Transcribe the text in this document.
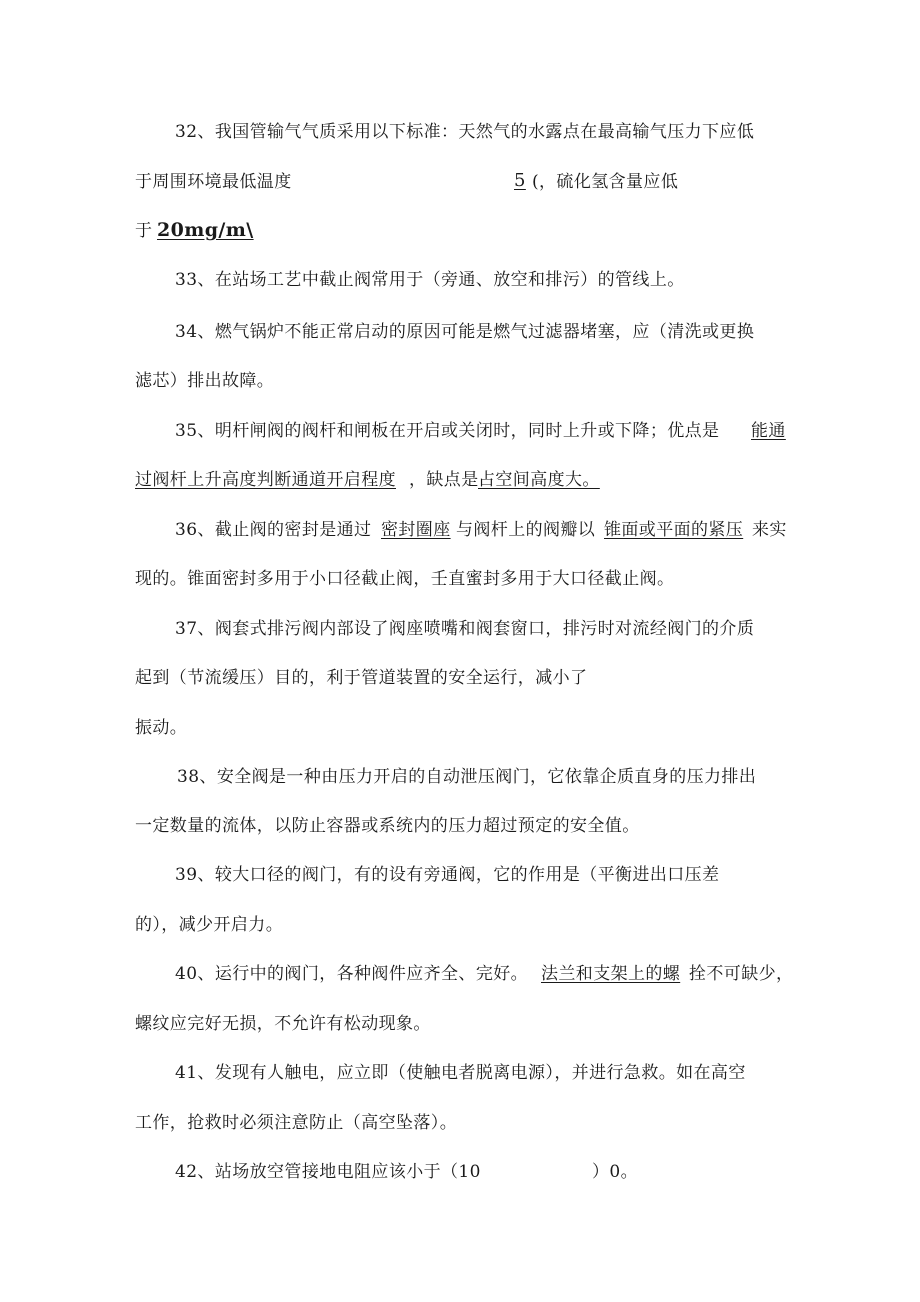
32、我国管输气气质采用以下标准：天然气的水露点在最高输气压力下应低
于周围环境最低温度	5 (，硫化氢含量应低
于 20mg/m\
33、在站场工艺中截止阀常用于（旁通、放空和排污）的管线上。
34、燃气锅炉不能正常启动的原因可能是燃气过滤器堵塞，应（清洗或更换
滤芯）排出故障。
35、明杆闸阀的阀杆和闸板在开启或关闭时，同时上升或下降；优点是 能通
过阀杆上升高度判断通道开启程度 ，缺点是 占空间高度大。
36、截止阀的密封是通过 密封圈座 与阀杆上的阀瓣以 锥面或平面的紧压 来实
现的。锥面密封多用于小口径截止阀，壬直蜜封多用于大口径截止阀。
37、阀套式排污阀内部设了阀座喷嘴和阀套窗口，排污时对流经阀门的介质
起到（节流缓压）目的，利于管道装置的安全运行，减小了
振动。
38、安全阀是一种由压力开启的自动泄压阀门，它依靠企质直身的压力排出
一定数量的流体，以防止容器或系统内的压力超过预定的安全值。
39、较大口径的阀门，有的设有旁通阀，它的作用是（平衡进出口压差
的），减少开启力。
40、运行中的阀门，各种阀件应齐全、完好。 法兰和支架上的螺 拴不可缺少，
螺纹应完好无损，不允许有松动现象。
41、发现有人触电，应立即（使触电者脱离电源），并进行急救。如在高空
工作，抢救时必须注意防止（高空坠落）。
42、站场放空管接地电阻应该小于（10	）0。
